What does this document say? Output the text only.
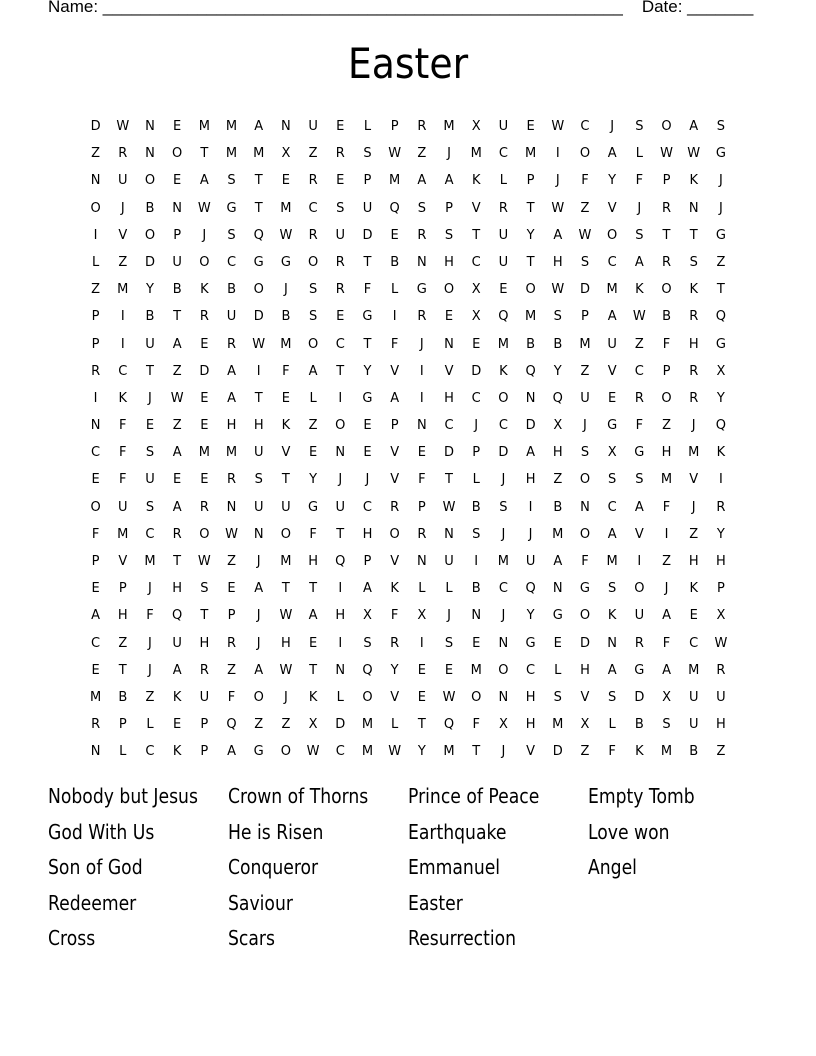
Name: _______________________________________________________ Date: _______
Easter
D	W	N	E	M	M	A	N	U	E	L	P	R	M	X	U	E	W	C	J	S	O	A	S
Z	R	N	O	T	M	M	X	Z	R	S	W	Z	J	M	C	M	I	O	A	L	W	W	G
N	U	O	E	A	S	T	E	R	E	P	M	A	A	K	L	P	J	F	Y	F	P	K	J
O	J	B	N	W	G	T	M	C	S	U	Q	S	P	V	R	T	W	Z	V	J	R	N	J
I	V	O	P	J	S	Q	W	R	U	D	E	R	S	T	U	Y	A	W	O	S	T	T	G
L	Z	D	U	O	C	G	G	O	R	T	B	N	H	C	U	T	H	S	C	A	R	S	Z
Z	M	Y	B	K	B	O	J	S	R	F	L	G	O	X	E	O	W	D	M	K	O	K	T
P	I	B	T	R	U	D	B	S	E	G	I	R	E	X	Q	M	S	P	A	W	B	R	Q
P	I	U	A	E	R	W	M	O	C	T	F	J	N	E	M	B	B	M	U	Z	F	H	G
R	C	T	Z	D	A	I	F	A	T	Y	V	I	V	D	K	Q	Y	Z	V	C	P	R	X
I	K	J	W	E	A	T	E	L	I	G	A	I	H	C	O	N	Q	U	E	R	O	R	Y
N	F	E	Z	E	H	H	K	Z	O	E	P	N	C	J	C	D	X	J	G	F	Z	J	Q
C	F	S	A	M	M	U	V	E	N	E	V	E	D	P	D	A	H	S	X	G	H	M	K
E	F	U	E	E	R	S	T	Y	J	J	V	F	T	L	J	H	Z	O	S	S	M	V	I
O	U	S	A	R	N	U	U	G	U	C	R	P	W	B	S	I	B	N	C	A	F	J	R
F	M	C	R	O	W	N	O	F	T	H	O	R	N	S	J	J	M	O	A	V	I	Z	Y
P	V	M	T	W	Z	J	M	H	Q	P	V	N	U	I	M	U	A	F	M	I	Z	H	H
E	P	J	H	S	E	A	T	T	I	A	K	L	L	B	C	Q	N	G	S	O	J	K	P
A	H	F	Q	T	P	J	W	A	H	X	F	X	J	N	J	Y	G	O	K	U	A	E	X
C	Z	J	U	H	R	J	H	E	I	S	R	I	S	E	N	G	E	D	N	R	F	C	W
E	T	J	A	R	Z	A	W	T	N	Q	Y	E	E	M	O	C	L	H	A	G	A	M	R
M	B	Z	K	U	F	O	J	K	L	O	V	E	W	O	N	H	S	V	S	D	X	U	U
R	P	L	E	P	Q	Z	Z	X	D	M	L	T	Q	F	X	H	M	X	L	B	S	U	H
N	L	C	K	P	A	G	O	W	C	M	W	Y	M	T	J	V	D	Z	F	K	M	B	Z
Nobody but Jesus
God With Us
Son of God
Redeemer
Cross
Crown of Thorns
He is Risen
Conqueror
Saviour
Scars
Prince of Peace
Earthquake
Emmanuel
Easter
Resurrection
Empty Tomb
Love won
Angel
